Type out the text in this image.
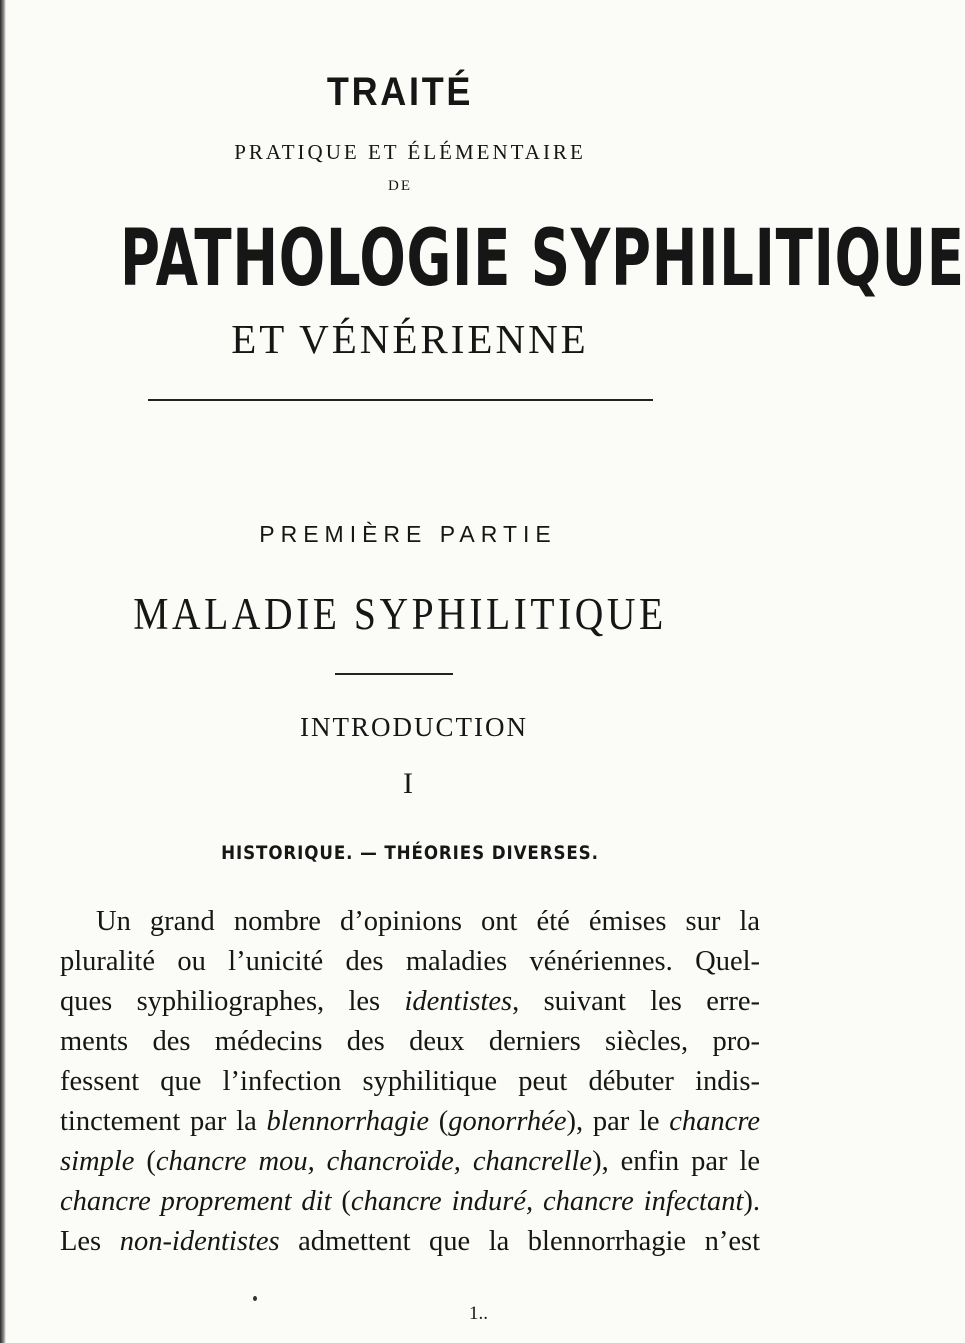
TRAITÉ
PRATIQUE ET ÉLÉMENTAIRE
DE
PATHOLOGIE SYPHILITIQUE
ET VÉNÉRIENNE
PREMIÈRE PARTIE
MALADIE SYPHILITIQUE
INTRODUCTION
I
HISTORIQUE. — THÉORIES DIVERSES.
Un grand nombre d’opinions ont été émises sur la
pluralité ou l’unicité des maladies vénériennes. Quel-
ques syphiliographes, les identistes, suivant les erre-
ments des médecins des deux derniers siècles, pro-
fessent que l’infection syphilitique peut débuter indis-
tinctement par la blennorrhagie (gonorrhée), par le chancre
simple (chancre mou, chancroïde, chancrelle), enfin par le
chancre proprement dit (chancre induré, chancre infectant).
Les non-identistes admettent que la blennorrhagie n’est
1..
